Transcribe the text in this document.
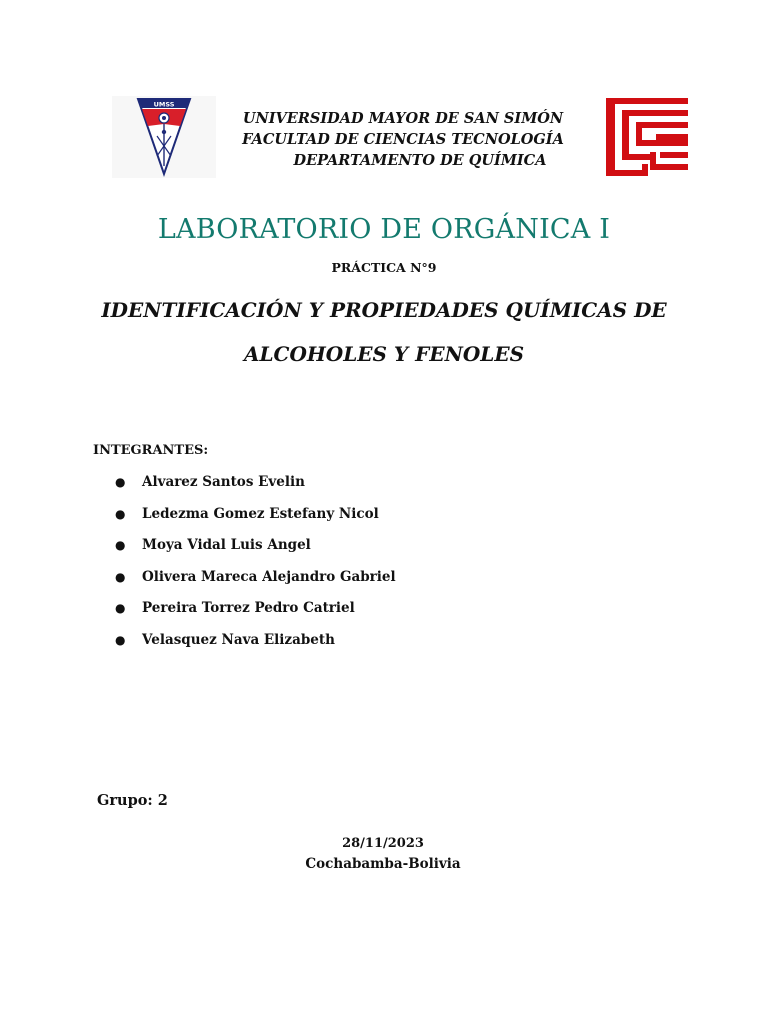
UMSS
UNIVERSIDAD MAYOR DE SAN SIMÓN
FACULTAD DE CIENCIAS TECNOLOGÍA
DEPARTAMENTO DE QUÍMICA
LABORATORIO DE ORGÁNICA I
PRÁCTICA N°9
IDENTIFICACIÓN Y PROPIEDADES QUÍMICAS DE
ALCOHOLES Y FENOLES
INTEGRANTES:
●	Alvarez Santos Evelin
●	Ledezma Gomez Estefany Nicol
●	Moya Vidal Luis Angel
●	Olivera Mareca Alejandro Gabriel
●	Pereira Torrez Pedro Catriel
●	Velasquez Nava Elizabeth
Grupo: 2
28/11/2023
Cochabamba-Bolivia
